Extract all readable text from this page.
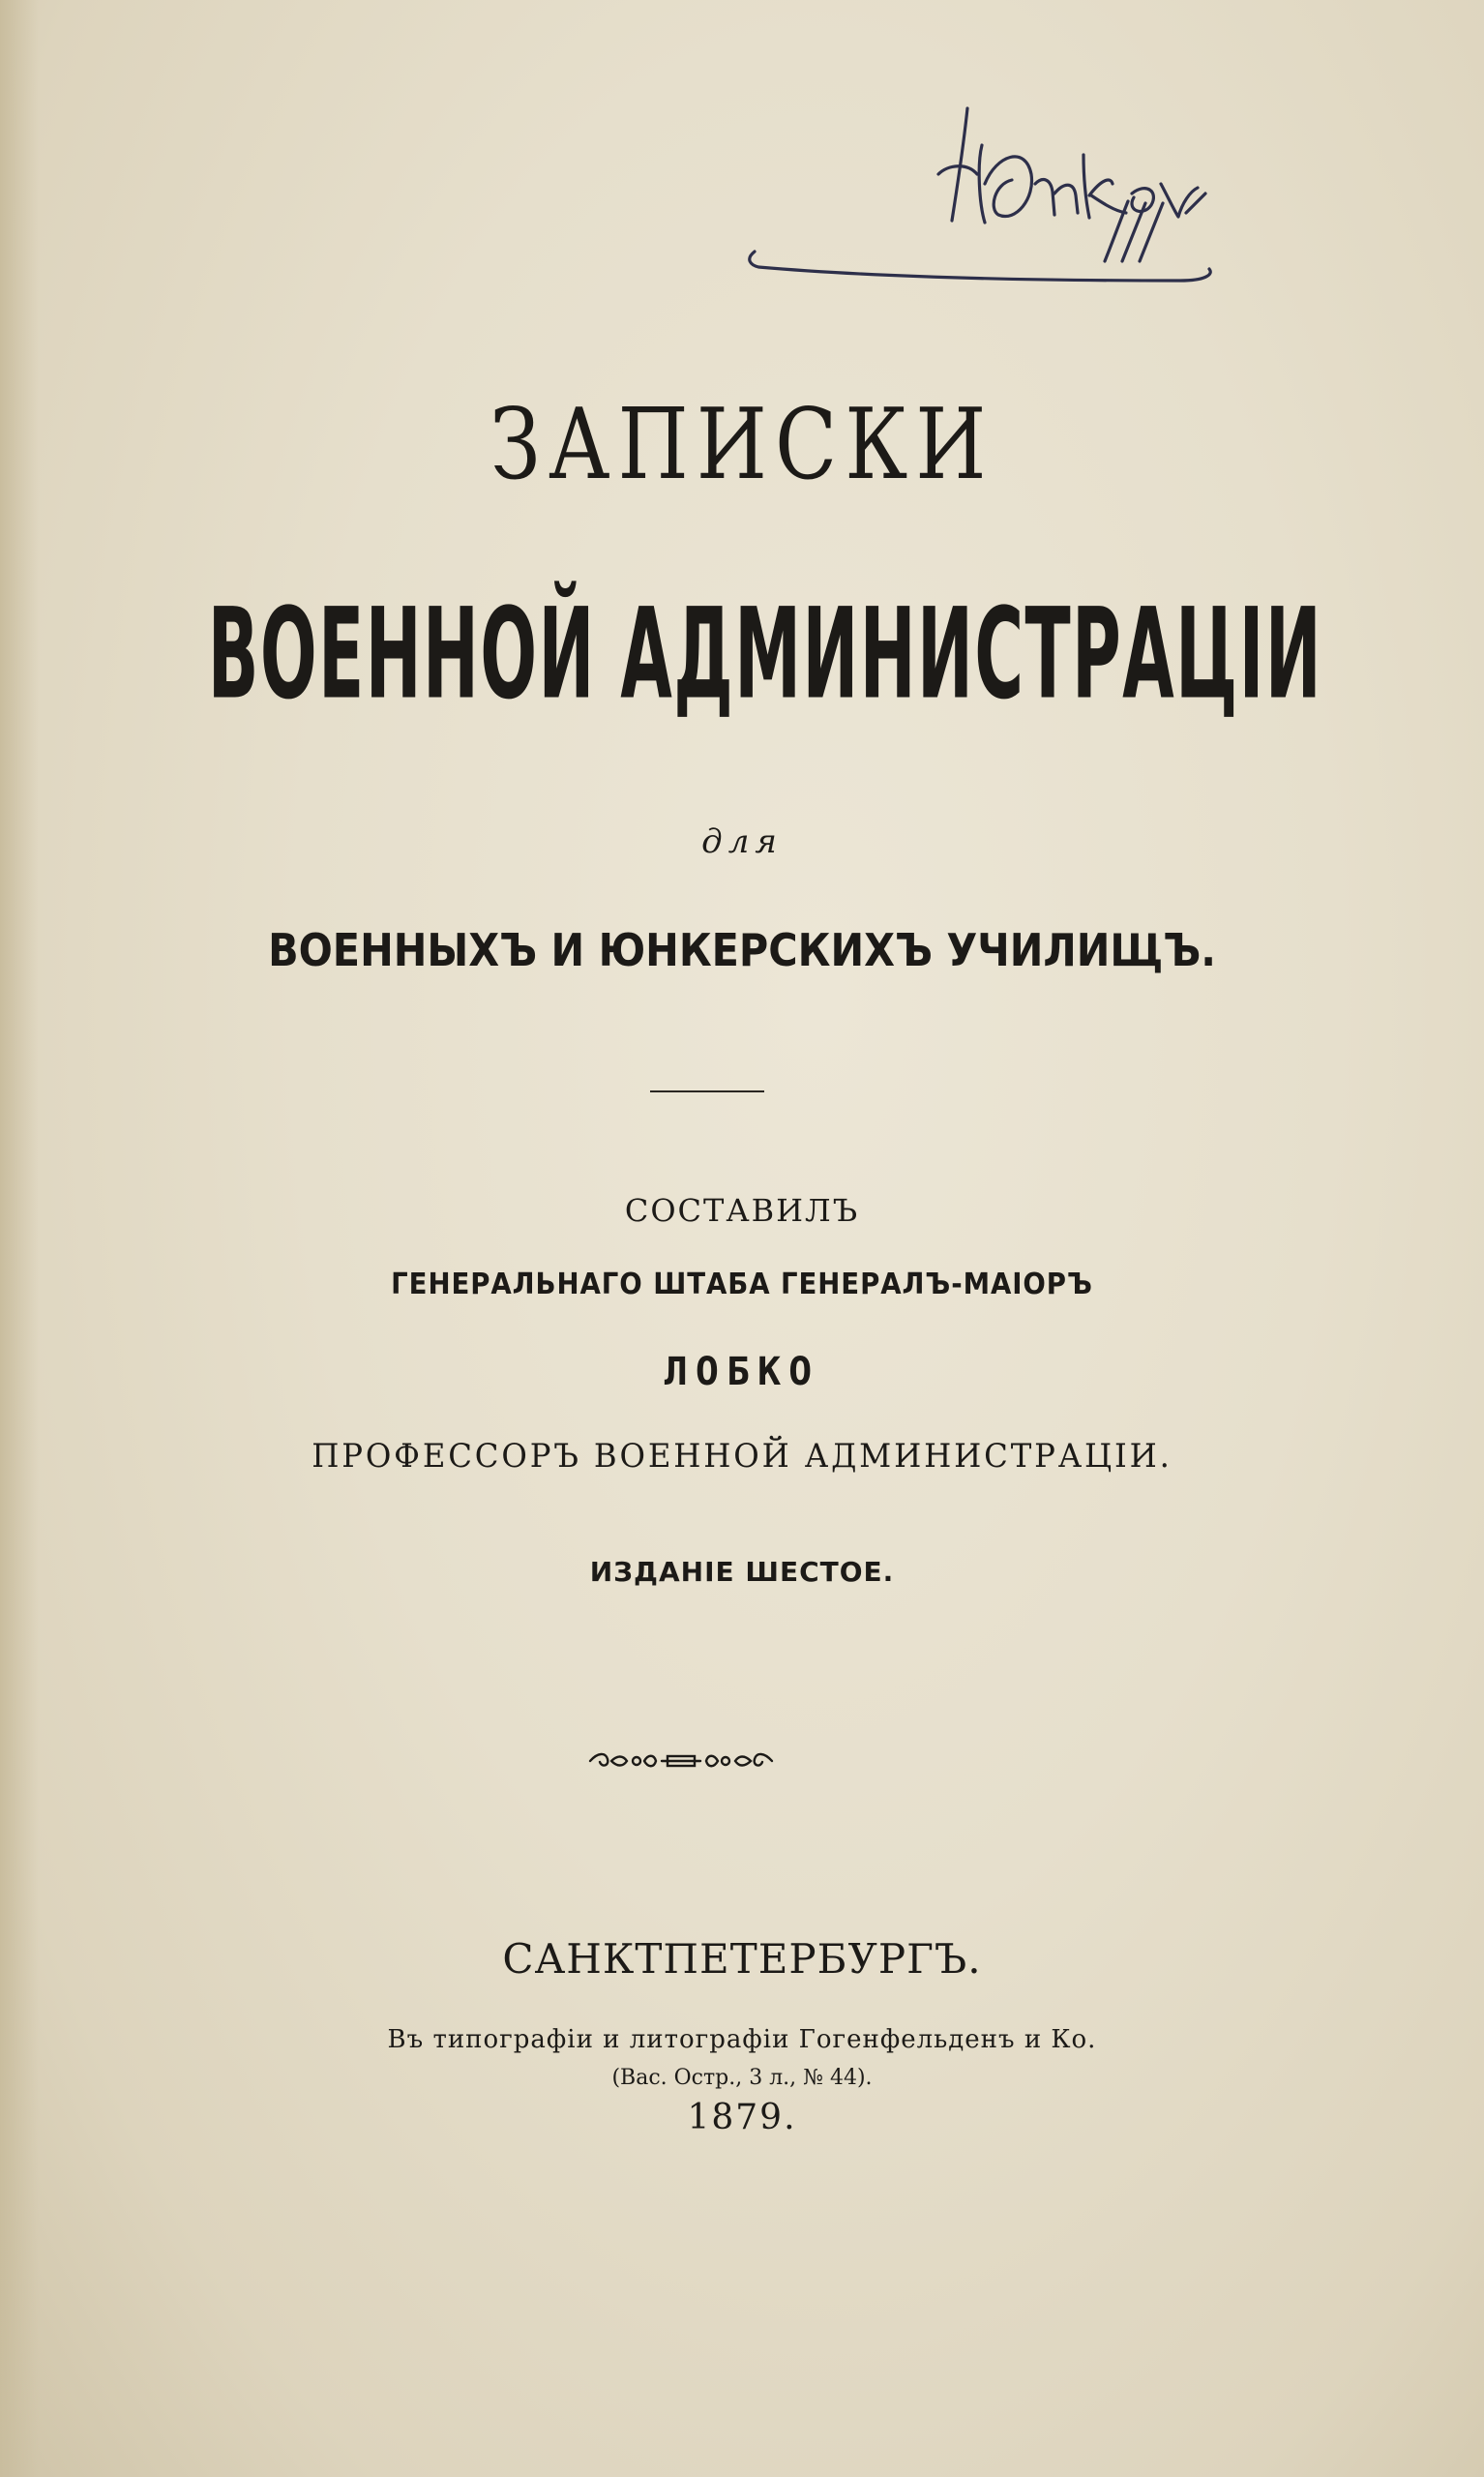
ЗАПИСКИ
ВОЕННОЙ АДМИНИСТРАЦІИ
для
ВОЕННЫХЪ И ЮНКЕРСКИХЪ УЧИЛИЩЪ.
СОСТАВИЛЪ
ГЕНЕРАЛЬНАГО ШТАБА ГЕНЕРАЛЪ-МАІОРЪ
ЛОБКО
ПРОФЕССОРЪ ВОЕННОЙ АДМИНИСТРАЦІИ.
ИЗДАНІЕ ШЕСТОЕ.
САНКТПЕТЕРБУРГЪ.
Въ типографіи и литографіи Гогенфельденъ и Ко.
(Вас. Остр., 3 л., № 44).
1879.
